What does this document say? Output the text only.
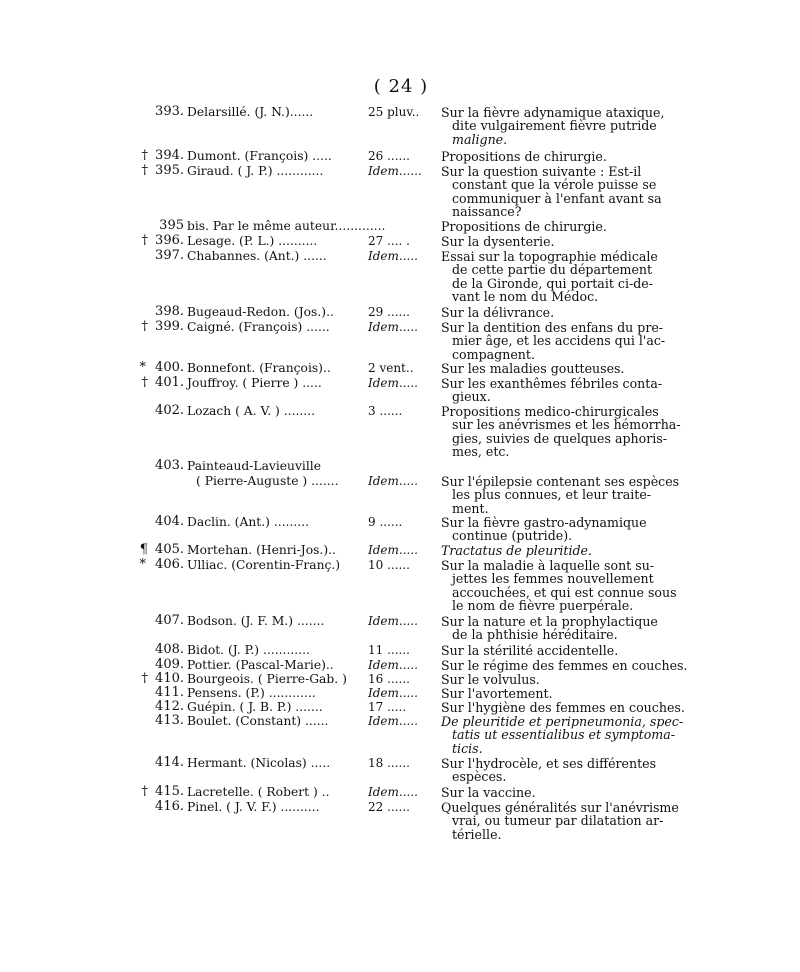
( 24 )
393. Delarsillé. (J. N.)......	25 pluv..	Sur la fièvre adynamique ataxique,
dite vulgairement fièvre putride
maligne.
† 394. Dumont. (François) .....	26 ......	Propositions de chirurgie.
† 395. Giraud. ( J. P.) ............	Idem......	Sur la question suivante : Est-il
constant que la vérole puisse se
communiquer à l'enfant avant sa
naissance?
395 bis. Par le même auteur.............	Propositions de chirurgie.
† 396. Lesage. (P. L.) ..........	27 .... .	Sur la dysenterie.
397. Chabannes. (Ant.) ......	Idem.....	Essai sur la topographie médicale
de cette partie du département
de la Gironde, qui portait ci-de-
vant le nom du Médoc.
398. Bugeaud-Redon. (Jos.)..	29 ......	Sur la délivrance.
† 399. Caigné. (François) ......	Idem.....	Sur la dentition des enfans du pre-
mier âge, et les accidens qui l'ac-
compagnent.
* 400. Bonnefont. (François)..	2 vent..	Sur les maladies goutteuses.
† 401. Jouffroy. ( Pierre ) .....	Idem.....	Sur les exanthêmes fébriles conta-
gieux.
402. Lozach ( A. V. ) ........	3 ......	Propositions medico-chirurgicales
sur les anévrismes et les hémorrha-
gies, suivies de quelques aphoris-
mes, etc.
403. Painteaud-Lavieuville
( Pierre-Auguste ) .......	Idem.....	Sur l'épilepsie contenant ses espèces
les plus connues, et leur traite-
ment.
404. Daclin. (Ant.) .........	9 ......	Sur la fièvre gastro-adynamique
continue (putride).
¶ 405. Mortehan. (Henri-Jos.)..	Idem.....	Tractatus de pleuritide.
* 406. Ulliac. (Corentin-Franç.)	10 ......	Sur la maladie à laquelle sont su-
jettes les femmes nouvellement
accouchées, et qui est connue sous
le nom de fièvre puerpérale.
407. Bodson. (J. F. M.) .......	Idem.....	Sur la nature et la prophylactique
de la phthisie héréditaire.
408. Bidot. (J. P.) ............	11 ......	Sur la stérilité accidentelle.
409. Pottier. (Pascal-Marie)..	Idem.....	Sur le régime des femmes en couches.
† 410. Bourgeois. ( Pierre-Gab. )	16 ......	Sur le volvulus.
411. Pensens. (P.) ............	Idem.....	Sur l'avortement.
412. Guépin. ( J. B. P.) .......	17 .....	Sur l'hygiène des femmes en couches.
413. Boulet. (Constant) ......	Idem.....	De pleuritide et peripneumonia, spec-
tatis ut essentialibus et symptoma-
ticis.
414. Hermant. (Nicolas) .....	18 ......	Sur l'hydrocèle, et ses différentes
espèces.
† 415. Lacretelle. ( Robert ) ..	Idem.....	Sur la vaccine.
416. Pinel. ( J. V. F.) ..........	22 ......	Quelques généralités sur l'anévrisme
vrai, ou tumeur par dilatation ar-
térielle.
